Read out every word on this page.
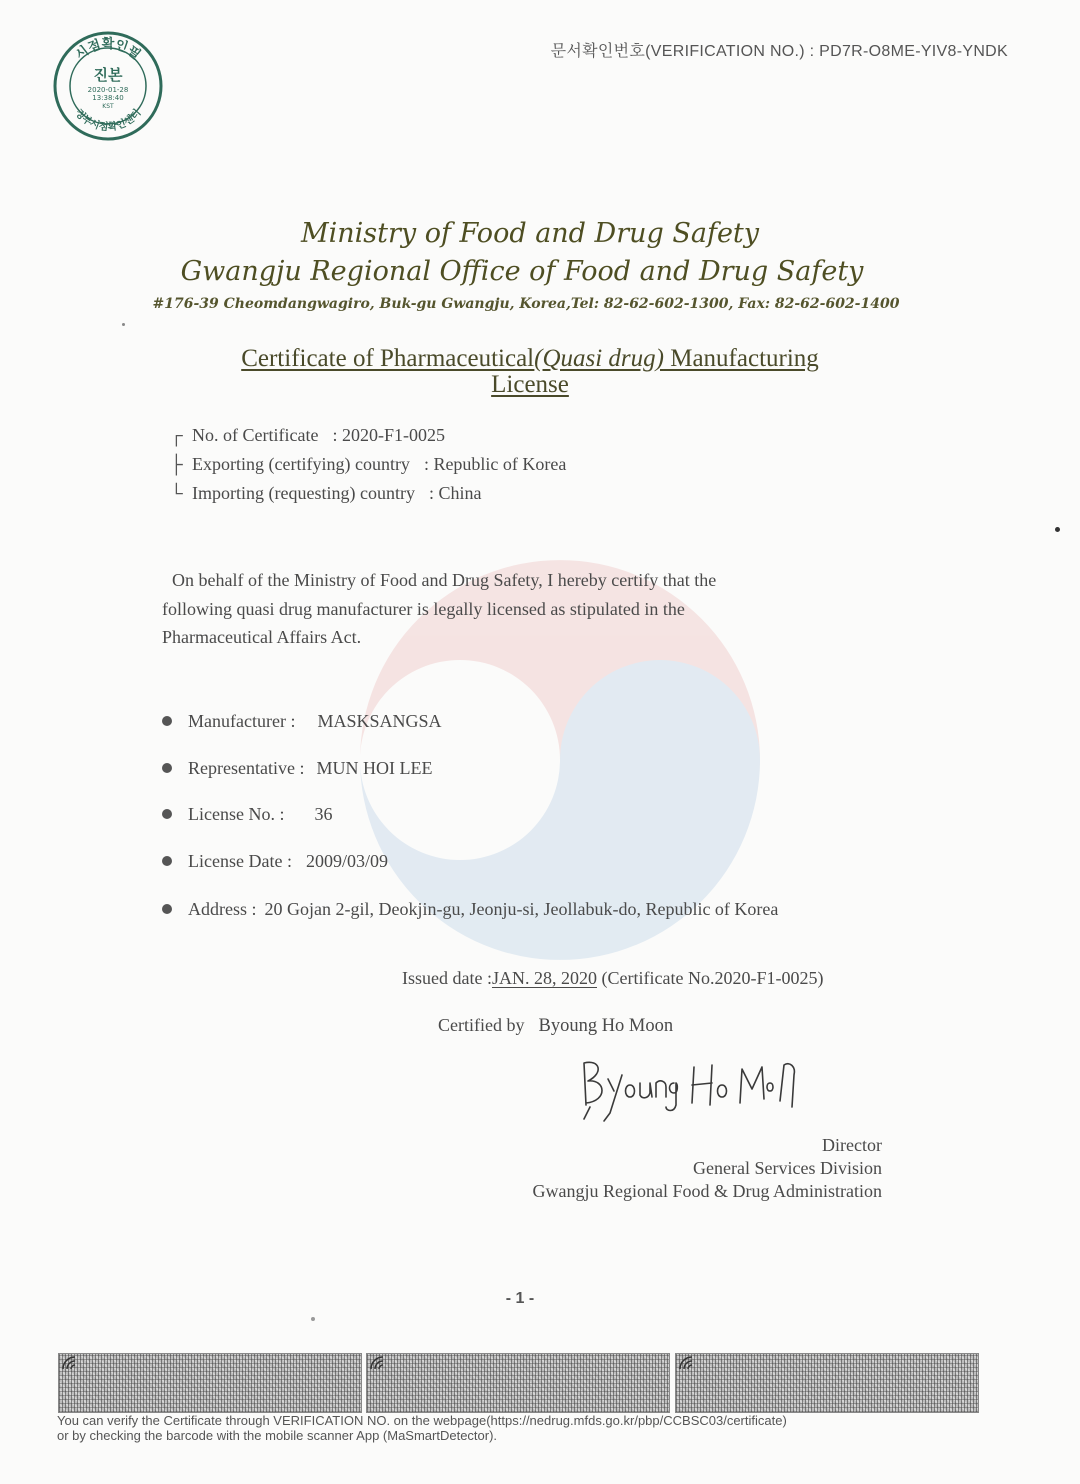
시점확인필
정부시점확인센터
진본
2020-01-28
13:38:40
KST
문서확인번호(VERIFICATION NO.) : PD7R-O8ME-YIV8-YNDK
Ministry of Food and Drug Safety
Gwangju Regional Office of Food and Drug Safety
#176-39 Cheomdangwagiro, Buk-gu Gwangju, Korea,Tel: 82-62-602-1300, Fax: 82-62-602-1400
Certificate of Pharmaceutical(Quasi drug) Manufacturing
License
┌ No. of Certificate : 2020-F1-0025
├ Exporting (certifying) country : Republic of Korea
└ Importing (requesting) country : China

On behalf of the Ministry of Food and Drug Safety, I hereby certify that the

following quasi drug manufacturer is legally licensed as stipulated in the

Pharmaceutical Affairs Act.

Manufacturer : MASKSANGSA
Representative : MUN HOI LEE
License No. : 36
License Date : 2009/03/09
Address : 20 Gojan 2-gil, Deokjin-gu, Jeonju-si, Jeollabuk-do, Republic of Korea
Issued date :JAN. 28, 2020 (Certificate No.2020-F1-0025)
Certified by Byoung Ho Moon
Director
General Services Division
Gwangju Regional Food & Drug Administration
- 1 -
You can verify the Certificate through VERIFICATION NO. on the webpage(https://nedrug.mfds.go.kr/pbp/CCBSC03/certificate)
or by checking the barcode with the mobile scanner App (MaSmartDetector).
